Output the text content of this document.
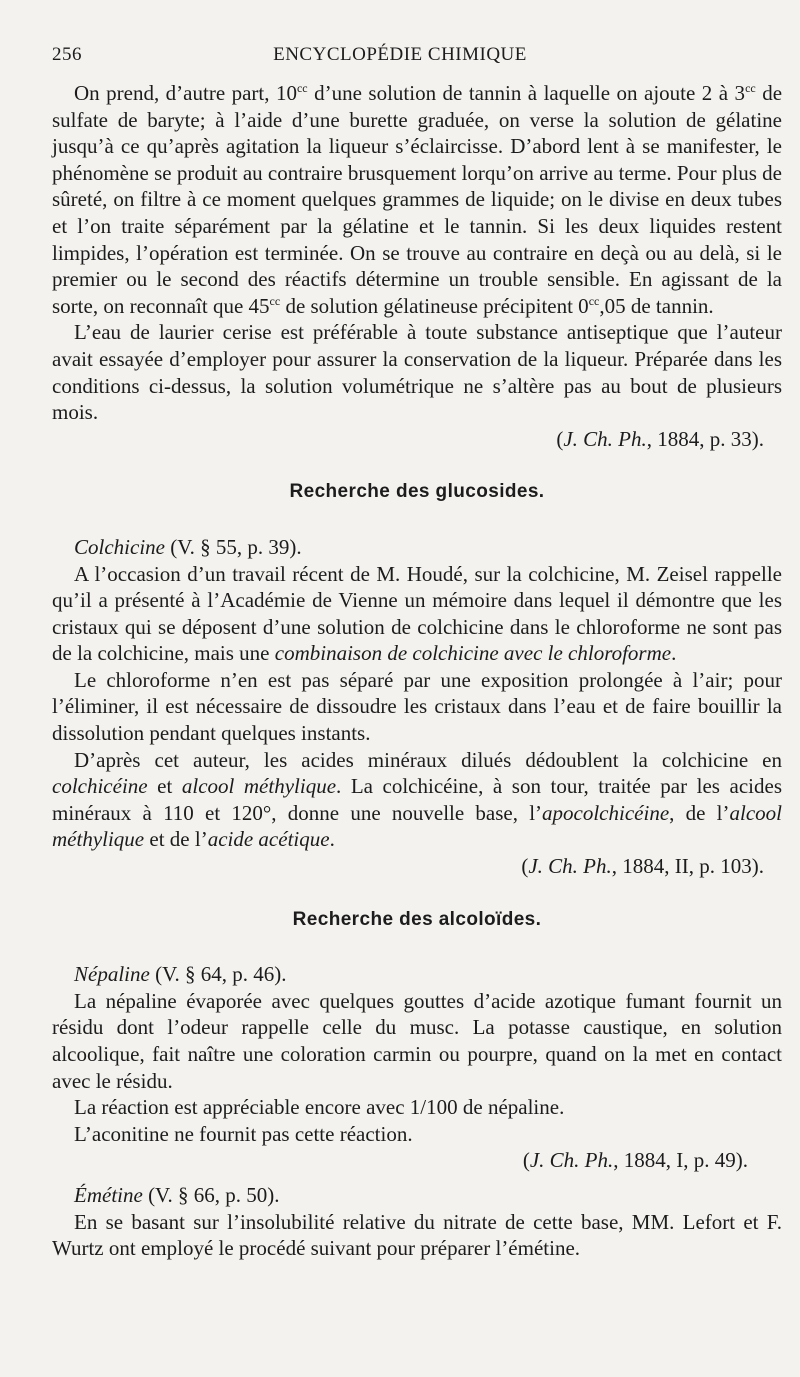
256	ENCYCLOPÉDIE CHIMIQUE

On prend, d’autre part, $10^{cc}$ d’une solution de tannin à laquelle on ajoute 2 à $3^{cc}$ de sulfate de baryte; à l’aide d’une burette graduée, on verse la solution de gélatine jusqu’à ce qu’après agitation la liqueur s’éclaircisse. D’abord lent à se manifester, le phénomène se produit au contraire brusquement lorqu’on arrive au terme. Pour plus de sûreté, on filtre à ce moment quelques grammes de liquide; on le divise en deux tubes et l’on traite séparément par la gélatine et le tannin. Si les deux liquides restent limpides, l’opération est terminée. On se trouve au contraire en deçà ou au delà, si le premier ou le second des réactifs détermine un trouble sensible. En agissant de la sorte, on reconnaît que $45^{cc}$ de solution gélatineuse précipitent $0^{cc},05$ de tannin.

L’eau de laurier cerise est préférable à toute substance antiseptique que l’auteur avait essayée d’employer pour assurer la conservation de la liqueur. Préparée dans les conditions ci-dessus, la solution volumétrique ne s’altère pas au bout de plusieurs mois.

(J. Ch. Ph., 1884, p. 33).

Recherche des glucosides.

Colchicine (V. § 55, p. 39).

A l’occasion d’un travail récent de M. Houdé, sur la colchicine, M. Zeisel rappelle qu’il a présenté à l’Académie de Vienne un mémoire dans lequel il démontre que les cristaux qui se déposent d’une solution de colchicine dans le chloroforme ne sont pas de la colchicine, mais une combinaison de colchicine avec le chloroforme.

Le chloroforme n’en est pas séparé par une exposition prolongée à l’air; pour l’éliminer, il est nécessaire de dissoudre les cristaux dans l’eau et de faire bouillir la dissolution pendant quelques instants.

D’après cet auteur, les acides minéraux dilués dédoublent la colchicine en colchicéine et alcool méthylique. La colchicéine, à son tour, traitée par les acides minéraux à 110 et 120°, donne une nouvelle base, l’apocolchicéine, de l’alcool méthylique et de l’acide acétique.

(J. Ch. Ph., 1884, II, p. 103).

Recherche des alcoloïdes.

Népaline (V. § 64, p. 46).

La népaline évaporée avec quelques gouttes d’acide azotique fumant fournit un résidu dont l’odeur rappelle celle du musc. La potasse caustique, en solution alcoolique, fait naître une coloration carmin ou pourpre, quand on la met en contact avec le résidu.

La réaction est appréciable encore avec 1/100 de népaline.

L’aconitine ne fournit pas cette réaction.

(J. Ch. Ph., 1884, I, p. 49).

Émétine (V. § 66, p. 50).

En se basant sur l’insolubilité relative du nitrate de cette base, MM. Lefort et F. Wurtz ont employé le procédé suivant pour préparer l’émétine.
